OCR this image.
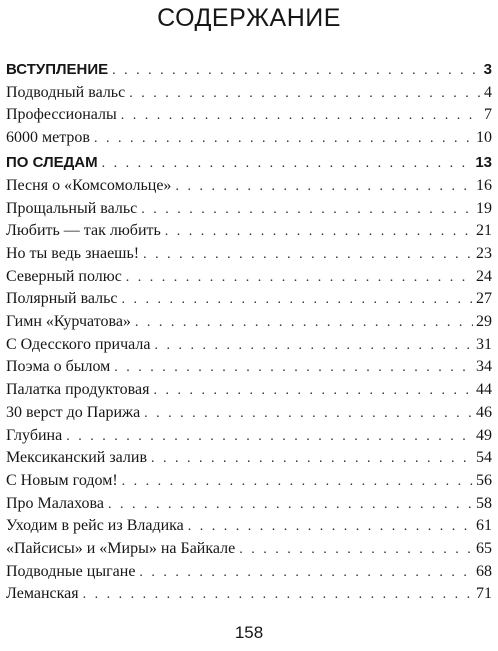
СОДЕРЖАНИЕ
ВСТУПЛЕНИЕ . . .	3
Подводный вальс . . .	4
Профессионалы . . .	7
6000 метров . . .	10
ПО СЛЕДАМ . . .	13
Песня о «Комсомольце» . . .	16
Прощальный вальс . . .	19
Любить — так любить . . .	21
Но ты ведь знаешь! . . .	23
Северный полюс . . .	24
Полярный вальс . . .	27
Гимн «Курчатова» . . .	29
С Одесского причала . . .	31
Поэма о былом . . .	34
Палатка продуктовая . . .	44
30 верст до Парижа . . .	46
Глубина . . .	49
Мексиканский залив . . .	54
С Новым годом! . . .	56
Про Малахова . . .	58
Уходим в рейс из Владика . . .	61
«Пайсисы» и «Миры» на Байкале . . .	65
Подводные цыгане . . .	68
Леманская . . .	71
158
